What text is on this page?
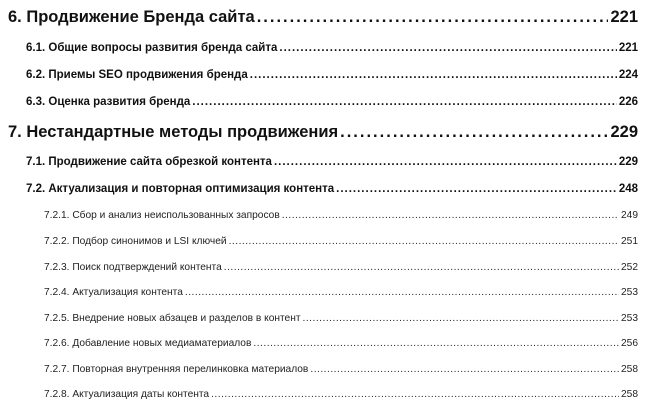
6. Продвижение Бренда сайта .....	221
6.1. Общие вопросы развития бренда сайта .....	221
6.2. Приемы SEO продвижения бренда .....	224
6.3. Оценка развития бренда .....	226
7. Нестандартные методы продвижения .....	229
7.1. Продвижение сайта обрезкой контента .....	229
7.2. Актуализация и повторная оптимизация контента .....	248
7.2.1. Сбор и анализ неиспользованных запросов .....	249
7.2.2. Подбор синонимов и LSI ключей .....	251
7.2.3. Поиск подтверждений контента .....	252
7.2.4. Актуализация контента .....	253
7.2.5. Внедрение новых абзацев и разделов в контент .....	253
7.2.6. Добавление новых медиаматериалов .....	256
7.2.7. Повторная внутренняя перелинковка материалов .....	258
7.2.8. Актуализация даты контента .....	258
